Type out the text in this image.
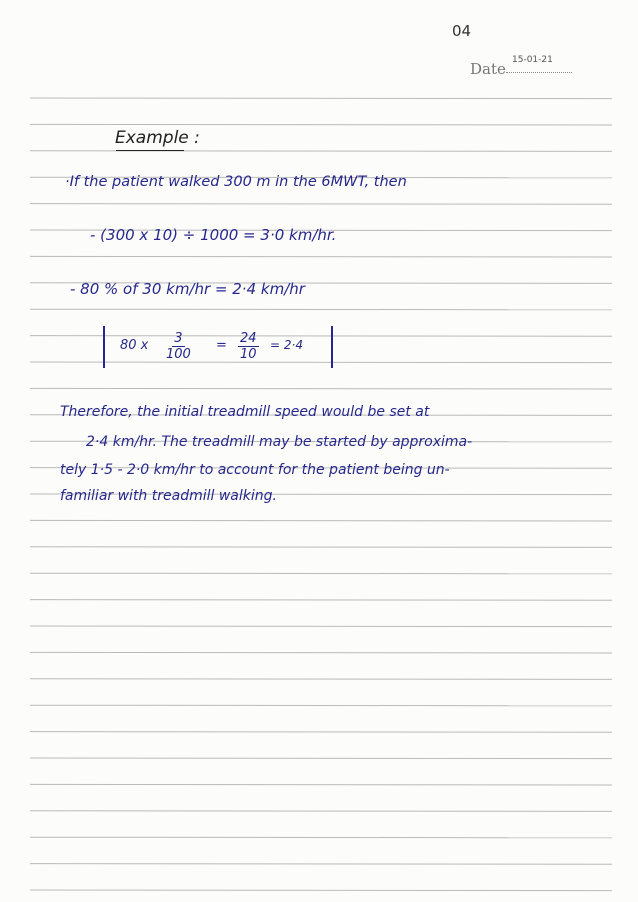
04
Date 15-01-21
Example :
·If the patient walked 300 m in the 6MWT, then
- (300 x 10) ÷ 1000 = 3·0 km/hr.
- 80 % of 30 km/hr = 2·4 km/hr
80 x $\frac{3}{100} = \frac{24}{10} = 2\cdot 4$
Therefore, the initial treadmill speed would be set at
2·4 km/hr. The treadmill may be started by approxima-
tely 1·5 - 2·0 km/hr to account for the patient being un-
familiar with treadmill walking.
